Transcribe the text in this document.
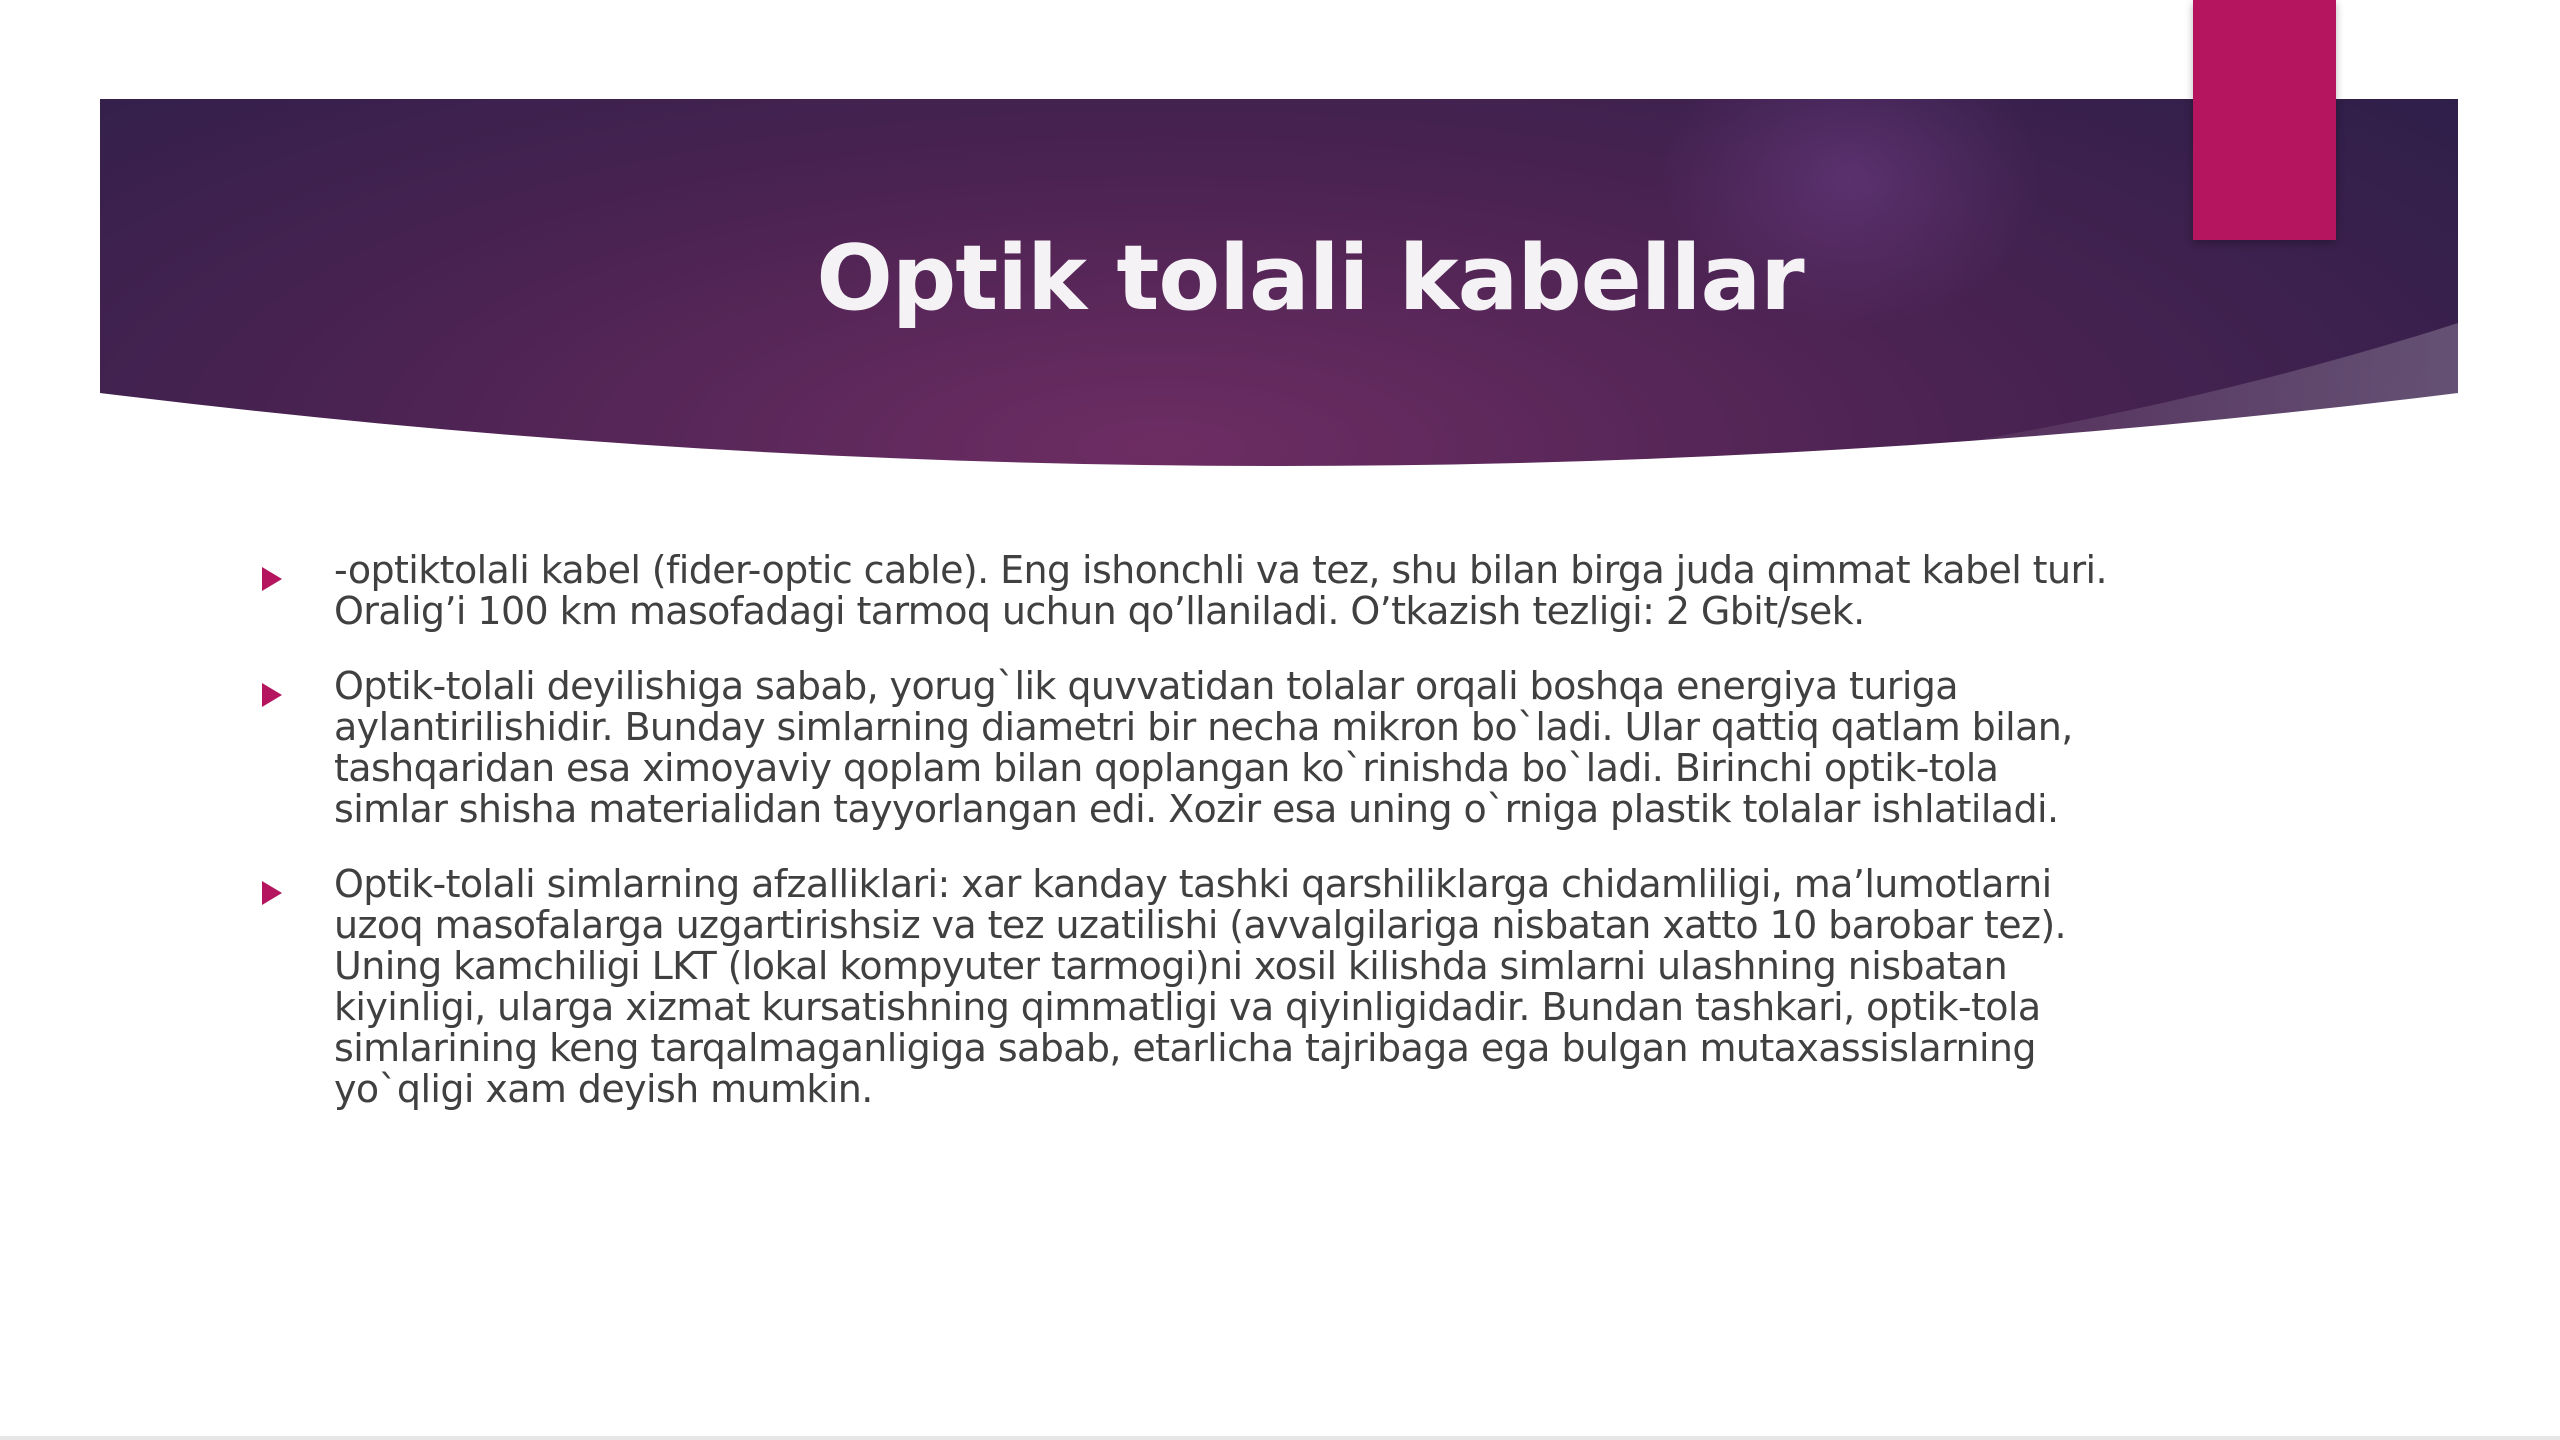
Optik tolali kabellar
-optiktolali kabel (fider-optic cable). Eng ishonchli va tez, shu bilan birga juda qimmat kabel turi. Oralig’i 100 km masofadagi tarmoq uchun qo’llaniladi. O’tkazish tezligi: 2 Gbit/sek.
Optik-tolali deyilishiga sabab, yorug`lik quvvatidan tolalar orqali boshqa energiya turiga aylantirilishidir. Bunday simlarning diametri bir necha mikron bo`ladi. Ular qattiq qatlam bilan, tashqaridan esa ximoyaviy qoplam bilan qoplangan ko`rinishda bo`ladi. Birinchi optik-tola simlar shisha materialidan tayyorlangan edi. Xozir esa uning o`rniga plastik tolalar ishlatiladi.
Optik-tolali simlarning afzalliklari: xar kanday tashki qarshiliklarga chidamliligi, ma’lumotlarni uzoq masofalarga uzgartirishsiz va tez uzatilishi (avvalgilariga nisbatan xatto 10 barobar tez). Uning kamchiligi LKT (lokal kompyuter tarmogi)ni xosil kilishda simlarni ulashning nisbatan kiyinligi, ularga xizmat kursatishning qimmatligi va qiyinligidadir. Bundan tashkari, optik-tola simlarining keng tarqalmaganligiga sabab, etarlicha tajribaga ega bulgan mutaxassislarning yo`qligi xam deyish mumkin.
